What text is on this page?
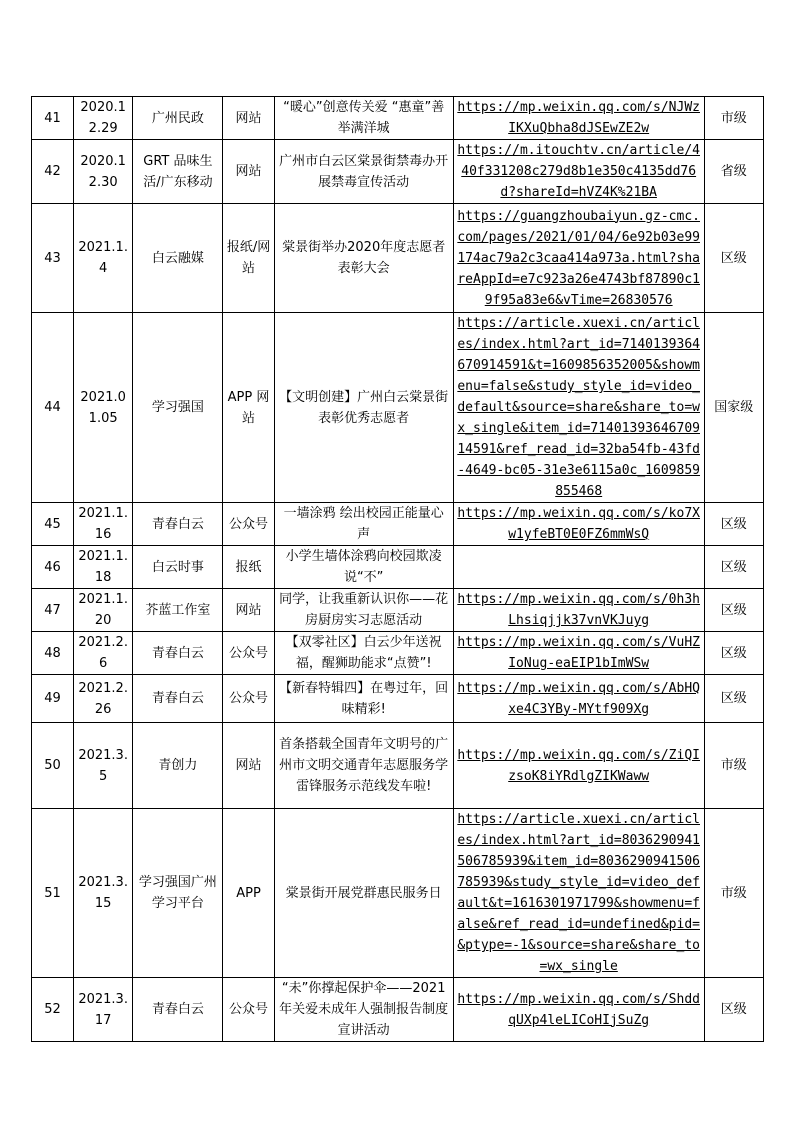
41	2020.12.29	广州民政	网站	“暖心”创意传关爱 “惠童”善举满洋城	https://mp.weixin.qq.com/s/NJWzIKXuQbha8dJSEwZE2w	市级
42	2020.12.30	GRT 品味生活/广东移动	网站	广州市白云区棠景街禁毒办开展禁毒宣传活动	https://m.itouchtv.cn/article/440f331208c279d8b1e350c4135dd76d?shareId=hVZ4K%21BA	省级
43	2021.1.4	白云融媒	报纸/网站	棠景街举办2020年度志愿者表彰大会	https://guangzhoubaiyun.gz-cmc.com/pages/2021/01/04/6e92b03e99174ac79a2c3caa414a973a.html?shareAppId=e7c923a26e4743bf87890c19f95a83e6&vTime=26830576	区级
44	2021.01.05	学习强国	APP 网站	【文明创建】广州白云棠景街表彰优秀志愿者	https://article.xuexi.cn/articles/index.html?art_id=7140139364670914591&t=1609856352005&showmenu=false&study_style_id=video_default&source=share&share_to=wx_single&item_id=7140139364670914591&ref_read_id=32ba54fb-43fd-4649-bc05-31e3e6115a0c_1609859855468	国家级
45	2021.1.16	青春白云	公众号	一墙涂鸦 绘出校园正能量心声	https://mp.weixin.qq.com/s/ko7Xw1yfeBT0E0FZ6mmWsQ	区级
46	2021.1.18	白云时事	报纸	小学生墙体涂鸦向校园欺凌说“不”		区级
47	2021.1.20	芥蓝工作室	网站	同学，让我重新认识你——花房厨房实习志愿活动	https://mp.weixin.qq.com/s/0h3hLhsiqjjk37vnVKJuyg	区级
48	2021.2.6	青春白云	公众号	【双零社区】白云少年送祝福，醒狮助能求“点赞”!	https://mp.weixin.qq.com/s/VuHZIoNug-eaEIP1bImWSw	区级
49	2021.2.26	青春白云	公众号	【新春特辑四】在粤过年，回味精彩!	https://mp.weixin.qq.com/s/AbHQxe4C3YBy-MYtf909Xg	区级
50	2021.3.5	青创力	网站	首条搭载全国青年文明号的广州市文明交通青年志愿服务学雷锋服务示范线发车啦!	https://mp.weixin.qq.com/s/ZiQIzsoK8iYRdlgZIKWaww	市级
51	2021.3.15	学习强国广州学习平台	APP	棠景街开展党群惠民服务日	https://article.xuexi.cn/articles/index.html?art_id=8036290941506785939&item_id=8036290941506785939&study_style_id=video_default&t=1616301971799&showmenu=false&ref_read_id=undefined&pid=&ptype=-1&source=share&share_to=wx_single	市级
52	2021.3.17	青春白云	公众号	“未”你撑起保护伞——2021年关爱未成年人强制报告制度宣讲活动	https://mp.weixin.qq.com/s/ShddqUXp4leLICoHIjSuZg	区级
